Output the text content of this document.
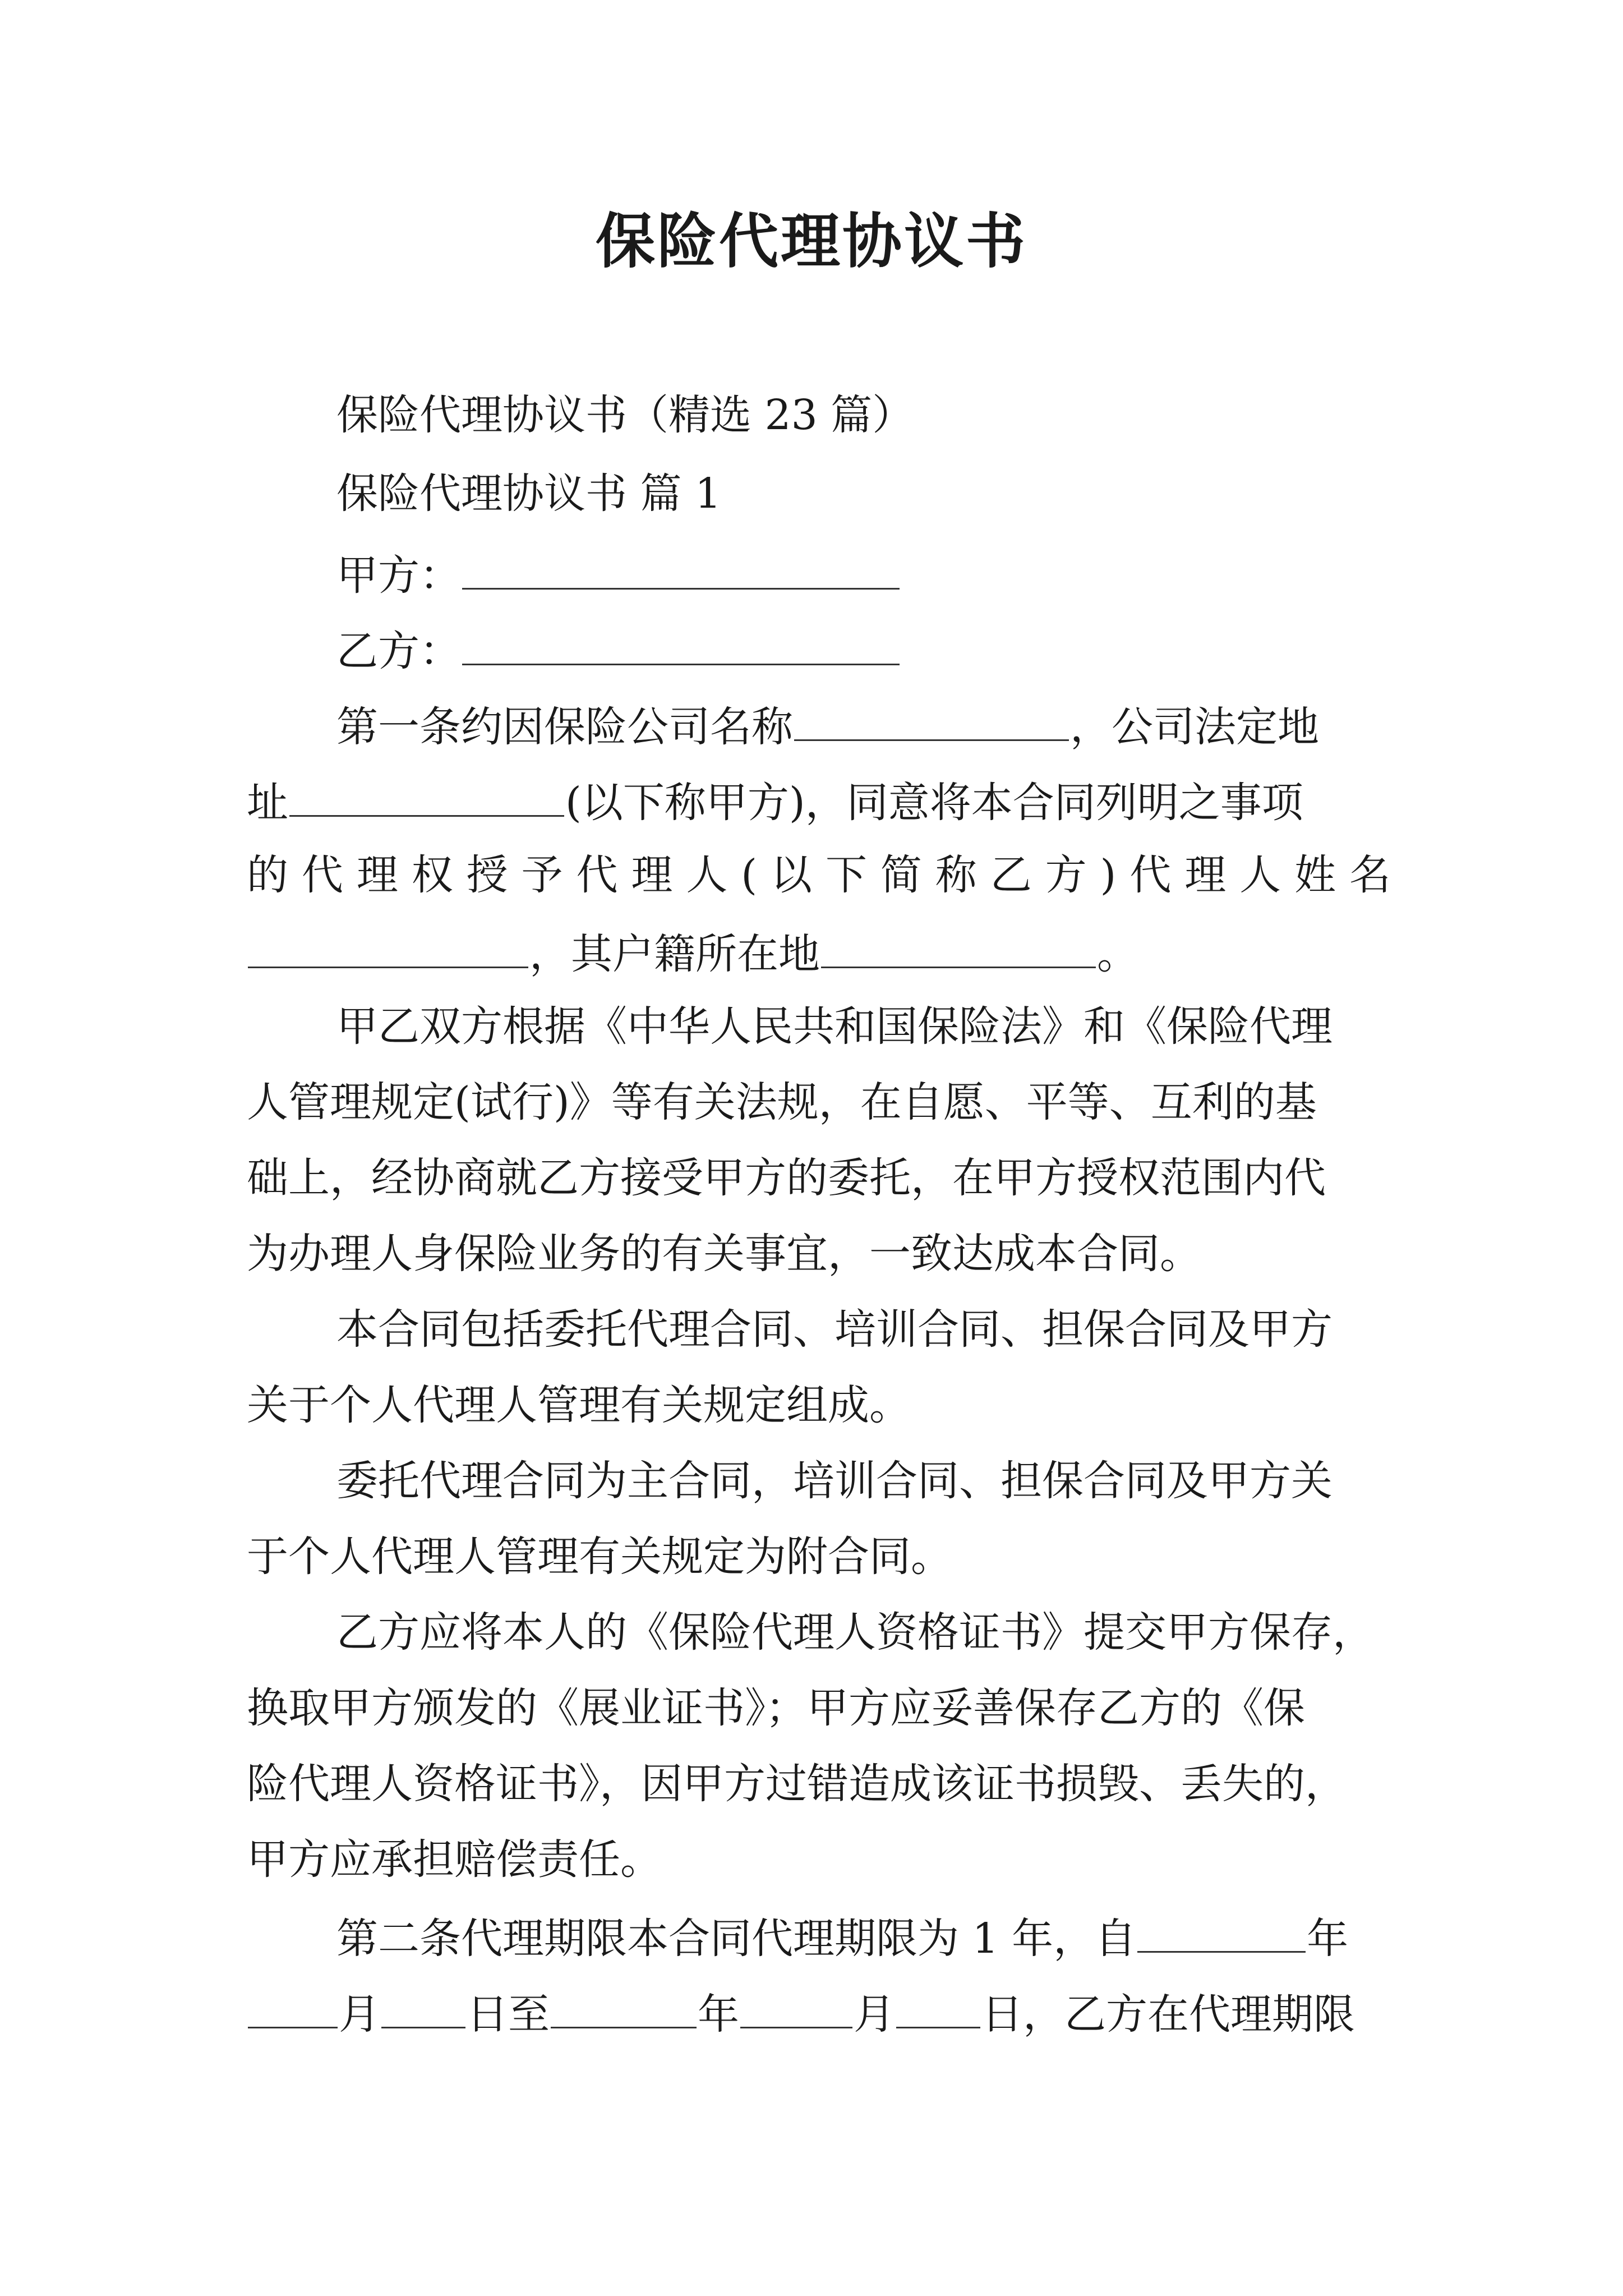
保险代理协议书
保险代理协议书（精选 23 篇）
保险代理协议书 篇 1
甲方：
乙方：
第一条约因保险公司名称	，公司法定地
址	(以下称甲方)，同意将本合同列明之事项
的代理权授予代理人(以下简称乙方)代理人姓名
，其户籍所在地	。
甲乙双方根据《中华人民共和国保险法》和《保险代理
人管理规定(试行)》等有关法规，在自愿、平等、互利的基
础上，经协商就乙方接受甲方的委托，在甲方授权范围内代
为办理人身保险业务的有关事宜，一致达成本合同。
本合同包括委托代理合同、培训合同、担保合同及甲方
关于个人代理人管理有关规定组成。
委托代理合同为主合同，培训合同、担保合同及甲方关
于个人代理人管理有关规定为附合同。
乙方应将本人的《保险代理人资格证书》提交甲方保存，
换取甲方颁发的《展业证书》；甲方应妥善保存乙方的《保
险代理人资格证书》，因甲方过错造成该证书损毁、丢失的，
甲方应承担赔偿责任。
第二条代理期限本合同代理期限为 1 年，自	年
月 日至	年	月 日，乙方在代理期限
